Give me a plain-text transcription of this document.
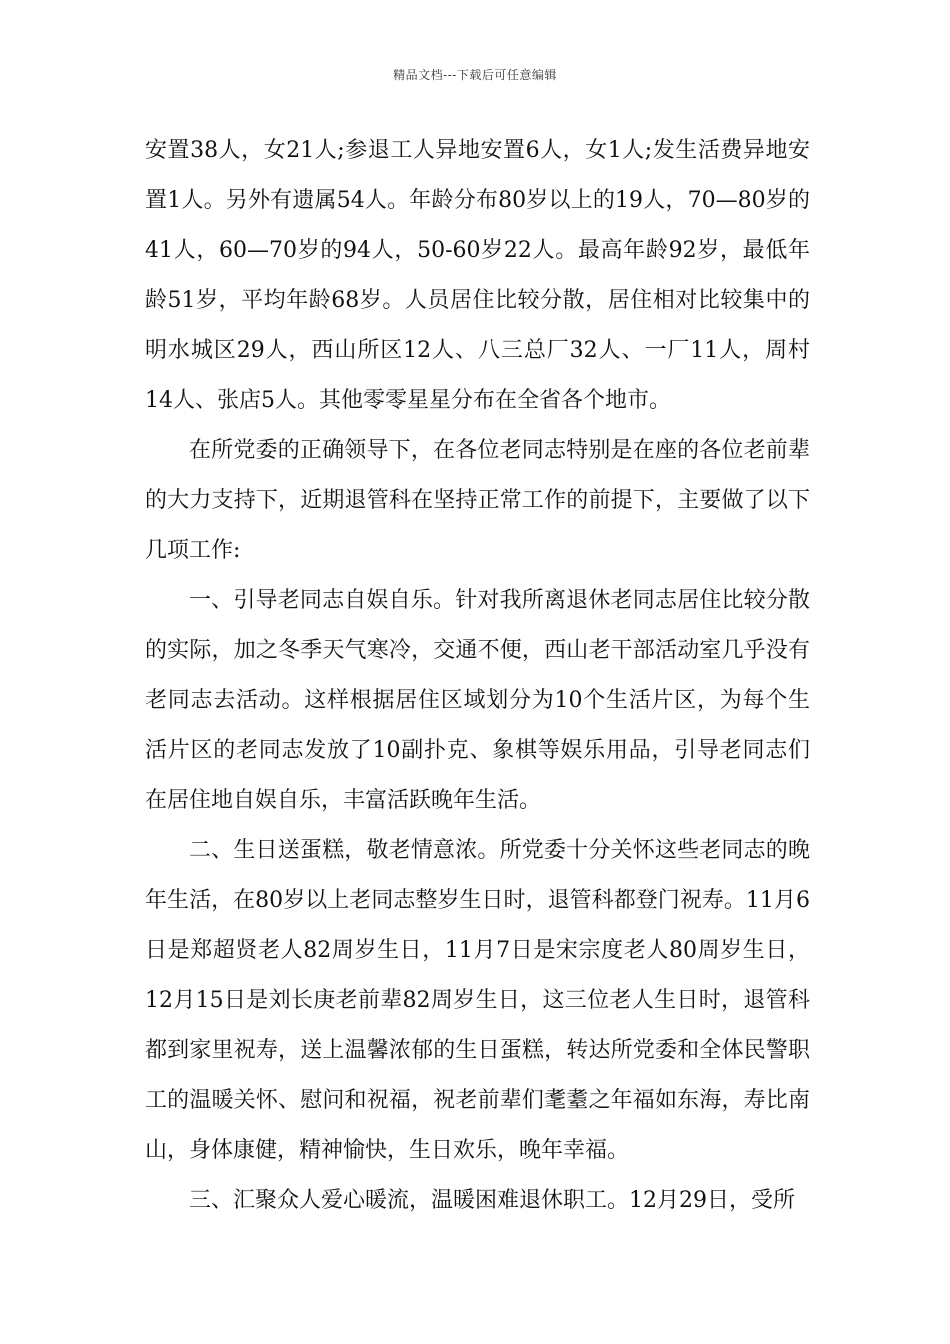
精品文档---下载后可任意编辑

安置38人，女21人;参退工人异地安置6人，女1人;发生活费异地安置1人。另外有遗属54人。年龄分布80岁以上的19人，70—80岁的41人，60—70岁的94人，50-60岁22人。最高年龄92岁，最低年龄51岁，平均年龄68岁。人员居住比较分散，居住相对比较集中的明水城区29人，西山所区12人、八三总厂32人、一厂11人，周村14人、张店5人。其他零零星星分布在全省各个地市。

在所党委的正确领导下，在各位老同志特别是在座的各位老前辈的大力支持下，近期退管科在坚持正常工作的前提下，主要做了以下几项工作:

一、引导老同志自娱自乐。针对我所离退休老同志居住比较分散的实际，加之冬季天气寒冷，交通不便，西山老干部活动室几乎没有老同志去活动。这样根据居住区域划分为10个生活片区，为每个生活片区的老同志发放了10副扑克、象棋等娱乐用品，引导老同志们在居住地自娱自乐，丰富活跃晚年生活。

二、生日送蛋糕，敬老情意浓。所党委十分关怀这些老同志的晚年生活，在80岁以上老同志整岁生日时，退管科都登门祝寿。11月6日是郑超贤老人82周岁生日，11月7日是宋宗度老人80周岁生日，12月15日是刘长庚老前辈82周岁生日，这三位老人生日时，退管科都到家里祝寿，送上温馨浓郁的生日蛋糕，转达所党委和全体民警职工的温暖关怀、慰问和祝福，祝老前辈们耄耋之年福如东海，寿比南山，身体康健，精神愉快，生日欢乐，晚年幸福。

三、汇聚众人爱心暖流，温暖困难退休职工。12月29日，受所
